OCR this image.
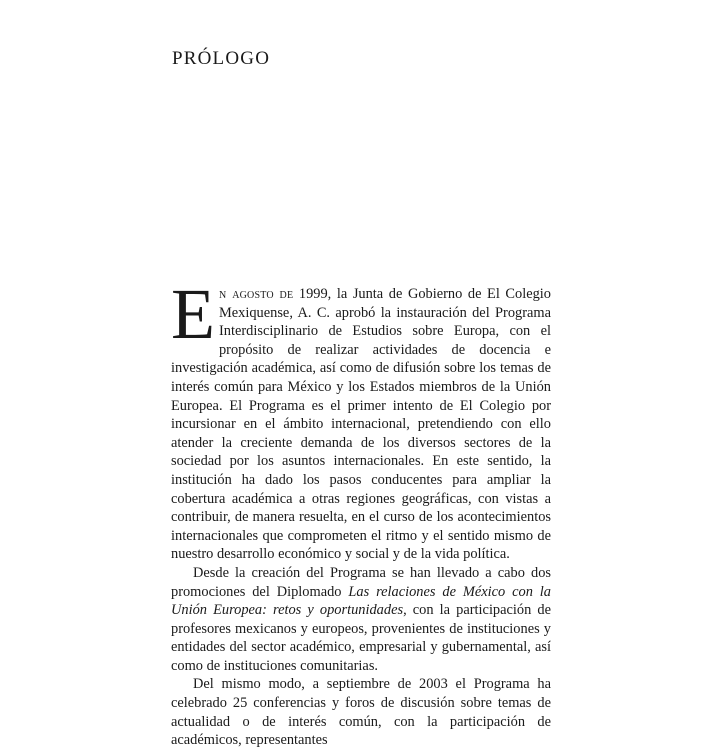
PRÓLOGO

En agosto de 1999, la Junta de Gobierno de El Colegio Mexiquense, A. C. aprobó la instauración del Programa Interdisciplinario de Estudios sobre Europa, con el propósito de realizar actividades de docencia e investigación académica, así como de difusión sobre los temas de interés común para México y los Estados miembros de la Unión Europea. El Programa es el primer intento de El Colegio por incursionar en el ámbito internacional, pretendiendo con ello atender la creciente demanda de los diversos sectores de la sociedad por los asuntos internacionales. En este sentido, la institución ha dado los pasos conducentes para ampliar la cobertura académica a otras regiones geográficas, con vistas a contribuir, de manera resuelta, en el curso de los acontecimientos internacionales que comprometen el ritmo y el sentido mismo de nuestro desarrollo económico y social y de la vida política.

Desde la creación del Programa se han llevado a cabo dos promociones del Diplomado Las relaciones de México con la Unión Europea: retos y oportunidades, con la participación de profesores mexicanos y europeos, provenientes de instituciones y entidades del sector académico, empresarial y gubernamental, así como de instituciones comunitarias.

Del mismo modo, a septiembre de 2003 el Programa ha celebrado 25 conferencias y foros de discusión sobre temas de actualidad o de interés común, con la participación de académicos, representantes
